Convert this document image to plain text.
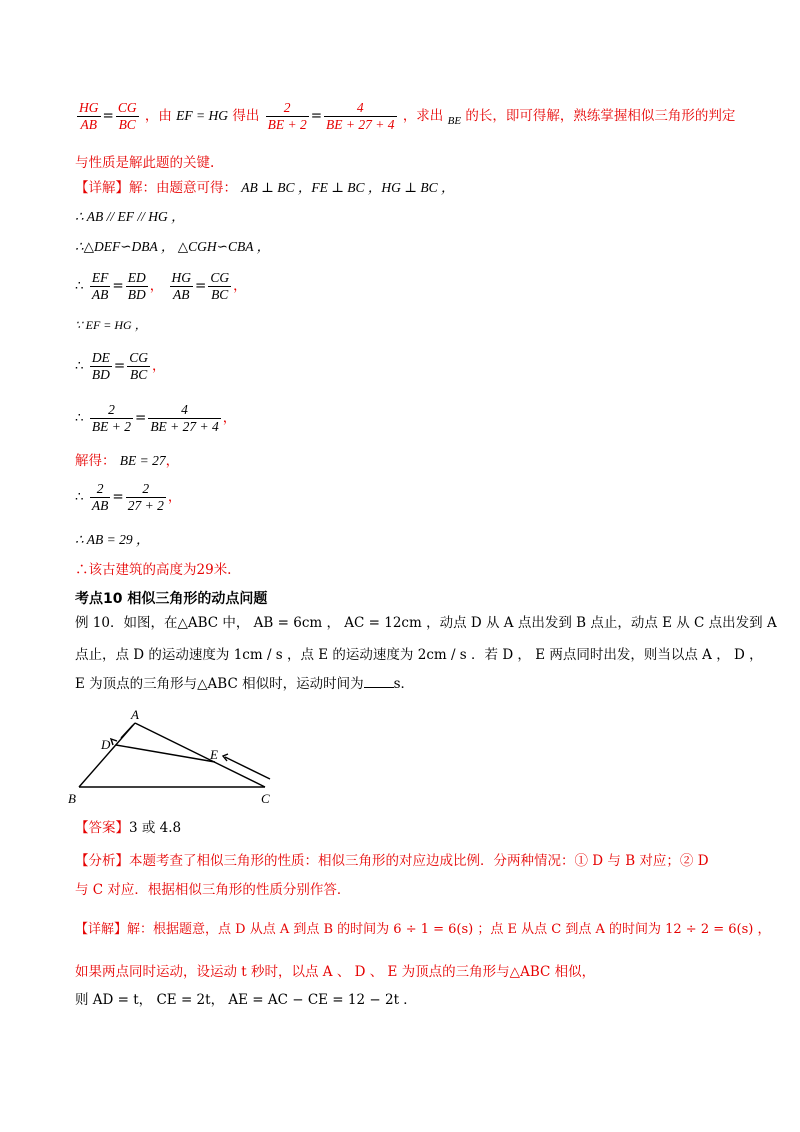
$\frac{HG}{AB} = \frac{CG}{BC}$ ，由 EF = HG 得出 $\frac{2}{BE + 2} = \frac{4}{BE + 27 + 4}$ ，求出 $_{BE}$ 的长，即可得解，熟练掌握相似三角形的判定
与性质是解此题的关键.
【详解】解：由题意可得： AB ⊥ BC ，FE ⊥ BC ，HG ⊥ BC ，
∴ AB // EF // HG ，
∴△DEF∽DBA ， △CGH∽CBA ，
∴ $\frac{EF}{AB} = \frac{ED}{BD}$ ， $\frac{HG}{AB} = \frac{CG}{BC}$ ，
∵ EF = HG ，
∴ $\frac{DE}{BD} = \frac{CG}{BC}$ ，
∴ $\frac{2}{BE + 2} = \frac{4}{BE + 27 + 4}$ ，
解得： BE = 27，
∴ $\frac{2}{AB} = \frac{2}{27 + 2}$ ，
∴ AB = 29 ，
∴该古建筑的高度为29米.
考点10 相似三角形的动点问题
例 10．如图，在△ABC 中， AB = 6cm ， AC = 12cm ，动点 D 从 A 点出发到 B 点止，动点 E 从 C 点出发到 A
点止，点 D 的运动速度为 1cm / s ，点 E 的运动速度为 2cm / s ．若 D ， E 两点同时出发，则当以点 A ， D ，
E 为顶点的三角形与△ABC 相似时，运动时间为 s．
A
B	C
D
E
【答案】3 或 4.8
【分析】本题考查了相似三角形的性质：相似三角形的对应边成比例．分两种情况：① D 与 B 对应；② D
与 C 对应．根据相似三角形的性质分别作答．
【详解】解：根据题意，点 D 从点 A 到点 B 的时间为 6 ÷ 1 = 6(s) ；点 E 从点 C 到点 A 的时间为 12 ÷ 2 = 6(s) ，
如果两点同时运动，设运动 t 秒时，以点 A 、 D 、 E 为顶点的三角形与△ABC 相似，
则 AD = t， CE = 2t， AE = AC − CE = 12 − 2t ．
